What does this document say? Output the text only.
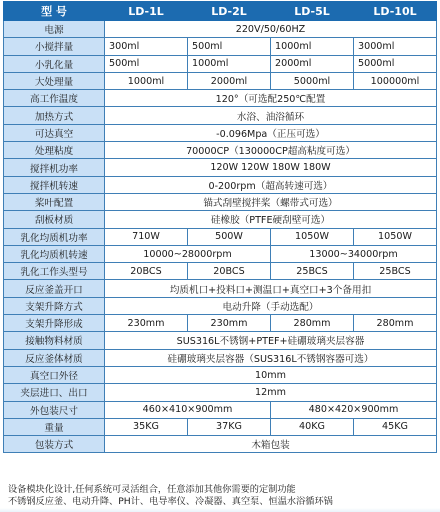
型 号	LD-1L	LD-2L	LD-5L	LD-10L
电源	220V/50/60HZ			
小搅拌量	300ml	500ml	1000ml	3000ml
小乳化量	500ml	1000ml	2000ml	5000ml
大处理量	1000ml	2000ml	5000ml	100000ml
高工作温度	120°（可选配250℃配置			
加热方式	水浴、油浴循环			
可达真空	-0.096Mpa（正压可选）			
处理粘度	70000CP（130000CP超高粘度可选）			
搅拌机功率	120W 120W 180W 180W			
搅拌机转速	0-200rpm（超高转速可选）			
桨叶配置	锚式刮壁搅拌桨（螺带式可选）			
刮板材质	硅橡胶（PTFE硬刮壁可选）			
乳化均质机功率	710W	500W	1050W	1050W
乳化均质机转速	10000~28000rpm		13000~34000rpm	
乳化工作头型号	20BCS	20BCS	25BCS	25BCS
反应釜盖开口	均质机口+投料口+测温口+真空口+3个备用扣			
支架升降方式	电动升降（手动选配）			
支架升降形成	230mm	230mm	280mm	280mm
接触物料材质	SUS316L不锈钢+PTEF+硅硼玻璃夹层容器			
反应釜体材质	硅硼玻璃夹层容器（SUS316L不锈钢容器可选）			
真空口外径	10mm			
夹层进口、出口	12mm			
外包装尺寸	460×410×900mm		480×420×900mm	
重量	35KG	37KG	40KG	45KG
包装方式	木箱包装			
设备模块化设计,任何系统可灵活组合，任意添加其他你需要的定制功能
不锈钢反应釜、电动升降、PH计、电导率仪、冷凝器、真空泵、恒温水浴循环锅
